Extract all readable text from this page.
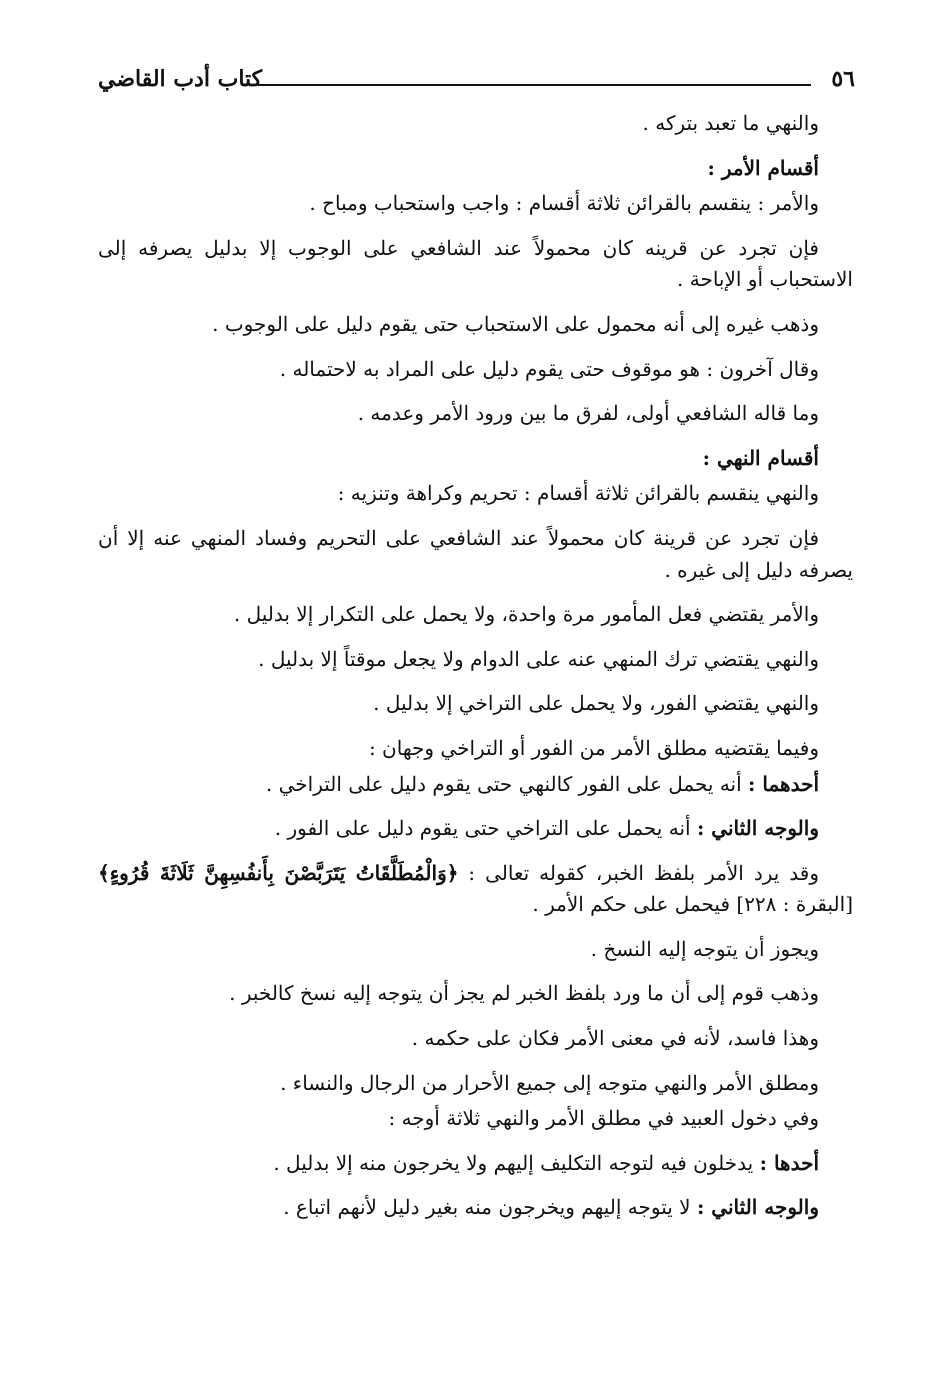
٥٦
كتاب أدب القاضي

والنهي ما تعبد بتركه .

أقسام الأمر :

والأمر : ينقسم بالقرائن ثلاثة أقسام : واجب واستحباب ومباح .

فإن تجرد عن قرينه كان محمولاً عند الشافعي على الوجوب إلا بدليل يصرفه إلى الاستحباب أو الإباحة .

وذهب غيره إلى أنه محمول على الاستحباب حتى يقوم دليل على الوجوب .

وقال آخرون : هو موقوف حتى يقوم دليل على المراد به لاحتماله .

وما قاله الشافعي أولى، لفرق ما بين ورود الأمر وعدمه .

أقسام النهي :

والنهي ينقسم بالقرائن ثلاثة أقسام : تحريم وكراهة وتنزيه :

فإن تجرد عن قرينة كان محمولاً عند الشافعي على التحريم وفساد المنهي عنه إلا أن يصرفه دليل إلى غيره .

والأمر يقتضي فعل المأمور مرة واحدة، ولا يحمل على التكرار إلا بدليل .

والنهي يقتضي ترك المنهي عنه على الدوام ولا يجعل موقتاً إلا بدليل .

والنهي يقتضي الفور، ولا يحمل على التراخي إلا بدليل .

وفيما يقتضيه مطلق الأمر من الفور أو التراخي وجهان :

أحدهما : أنه يحمل على الفور كالنهي حتى يقوم دليل على التراخي .

والوجه الثاني : أنه يحمل على التراخي حتى يقوم دليل على الفور .

وقد يرد الأمر بلفظ الخبر، كقوله تعالى : ﴿وَالْمُطَلَّقَاتُ يَتَرَبَّصْنَ بِأَنفُسِهِنَّ ثَلَاثَةَ قُرُوءٍ﴾ [البقرة : ٢٢٨] فيحمل على حكم الأمر .

ويجوز أن يتوجه إليه النسخ .

وذهب قوم إلى أن ما ورد بلفظ الخبر لم يجز أن يتوجه إليه نسخ كالخبر .

وهذا فاسد، لأنه في معنى الأمر فكان على حكمه .

ومطلق الأمر والنهي متوجه إلى جميع الأحرار من الرجال والنساء .

وفي دخول العبيد في مطلق الأمر والنهي ثلاثة أوجه :

أحدها : يدخلون فيه لتوجه التكليف إليهم ولا يخرجون منه إلا بدليل .

والوجه الثاني : لا يتوجه إليهم ويخرجون منه بغير دليل لأنهم اتباع .
